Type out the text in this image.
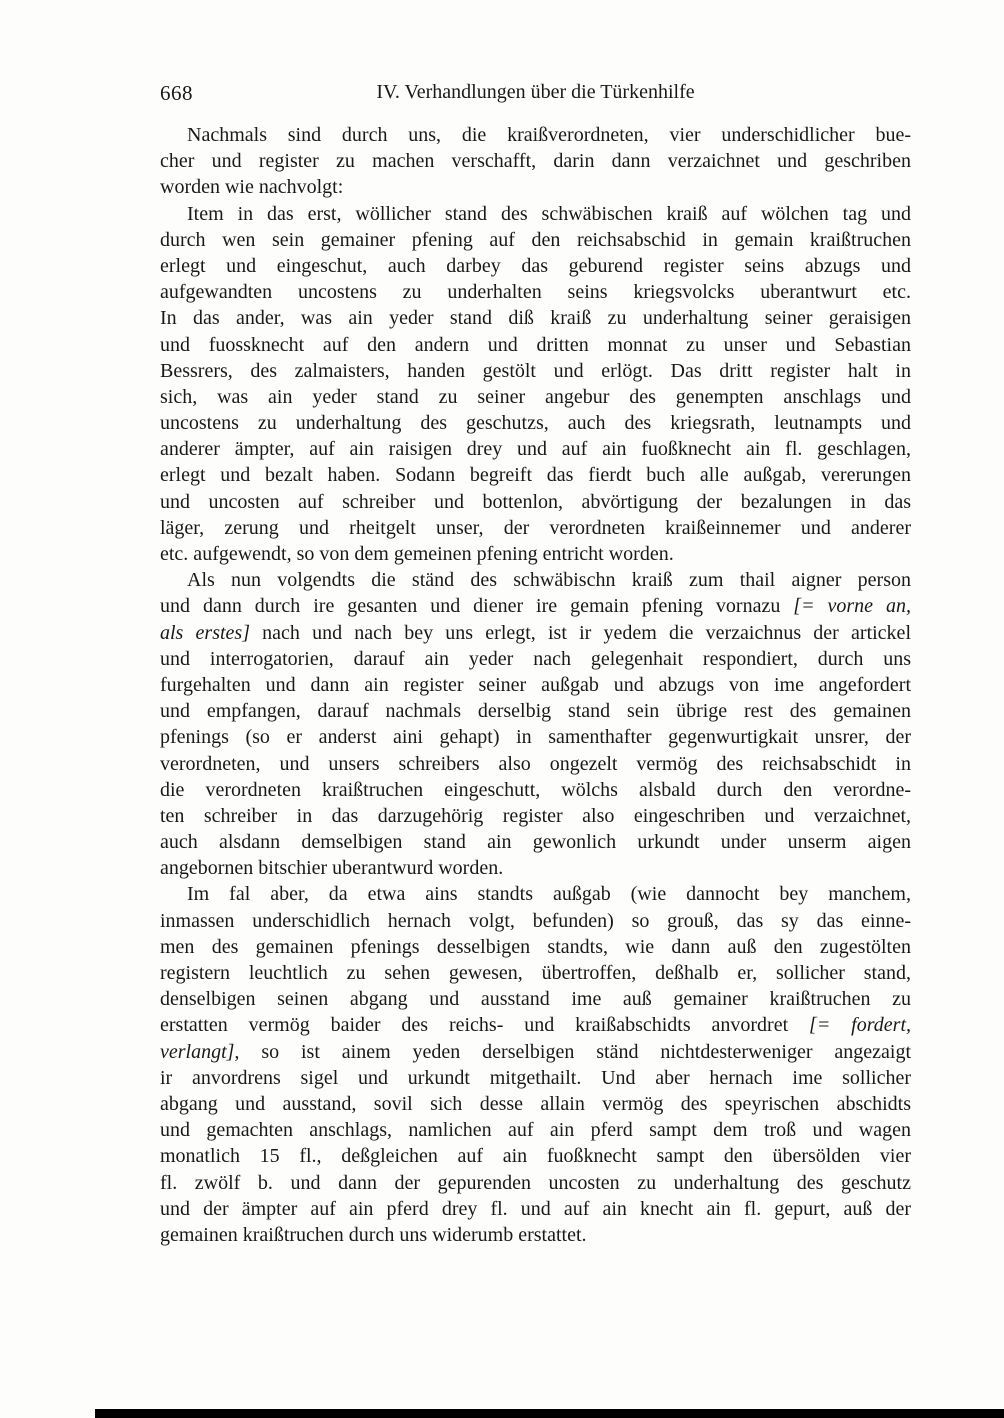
668	IV. Verhandlungen über die Türkenhilfe
Nachmals sind durch uns, die kraißverordneten, vier underschidlicher bue-
cher und register zu machen verschafft, darin dann verzaichnet und geschriben
worden wie nachvolgt:
Item in das erst, wöllicher stand des schwäbischen kraiß auf wölchen tag und
durch wen sein gemainer pfening auf den reichsabschid in gemain kraißtruchen
erlegt und eingeschut, auch darbey das geburend register seins abzugs und
aufgewandten uncostens zu underhalten seins kriegsvolcks uberantwurt etc.
In das ander, was ain yeder stand diß kraiß zu underhaltung seiner geraisigen
und fuossknecht auf den andern und dritten monnat zu unser und Sebastian
Bessrers, des zalmaisters, handen gestölt und erlögt. Das dritt register halt in
sich, was ain yeder stand zu seiner angebur des genempten anschlags und
uncostens zu underhaltung des geschutzs, auch des kriegsrath, leutnampts und
anderer ämpter, auf ain raisigen drey und auf ain fuoßknecht ain fl. geschlagen,
erlegt und bezalt haben. Sodann begreift das fierdt buch alle außgab, vererungen
und uncosten auf schreiber und bottenlon, abvörtigung der bezalungen in das
läger, zerung und rheitgelt unser, der verordneten kraißeinnemer und anderer
etc. aufgewendt, so von dem gemeinen pfening entricht worden.
Als nun volgendts die ständ des schwäbischn kraiß zum thail aigner person
und dann durch ire gesanten und diener ire gemain pfening vornazu [= vorne an,
als erstes] nach und nach bey uns erlegt, ist ir yedem die verzaichnus der artickel
und interrogatorien, darauf ain yeder nach gelegenhait respondiert, durch uns
furgehalten und dann ain register seiner außgab und abzugs von ime angefordert
und empfangen, darauf nachmals derselbig stand sein übrige rest des gemainen
pfenings (so er anderst aini gehapt) in samenthafter gegenwurtigkait unsrer, der
verordneten, und unsers schreibers also ongezelt vermög des reichsabschidt in
die verordneten kraißtruchen eingeschutt, wölchs alsbald durch den verordne-
ten schreiber in das darzugehörig register also eingeschriben und verzaichnet,
auch alsdann demselbigen stand ain gewonlich urkundt under unserm aigen
angebornen bitschier uberantwurd worden.
Im fal aber, da etwa ains standts außgab (wie dannocht bey manchem,
inmassen underschidlich hernach volgt, befunden) so grouß, das sy das einne-
men des gemainen pfenings desselbigen standts, wie dann auß den zugestölten
registern leuchtlich zu sehen gewesen, übertroffen, deßhalb er, sollicher stand,
denselbigen seinen abgang und ausstand ime auß gemainer kraißtruchen zu
erstatten vermög baider des reichs- und kraißabschidts anvordret [= fordert,
verlangt], so ist ainem yeden derselbigen ständ nichtdesterweniger angezaigt
ir anvordrens sigel und urkundt mitgethailt. Und aber hernach ime sollicher
abgang und ausstand, sovil sich desse allain vermög des speyrischen abschidts
und gemachten anschlags, namlichen auf ain pferd sampt dem troß und wagen
monatlich 15 fl., deßgleichen auf ain fuoßknecht sampt den übersölden vier
fl. zwölf b. und dann der gepurenden uncosten zu underhaltung des geschutz
und der ämpter auf ain pferd drey fl. und auf ain knecht ain fl. gepurt, auß der
gemainen kraißtruchen durch uns widerumb erstattet.
